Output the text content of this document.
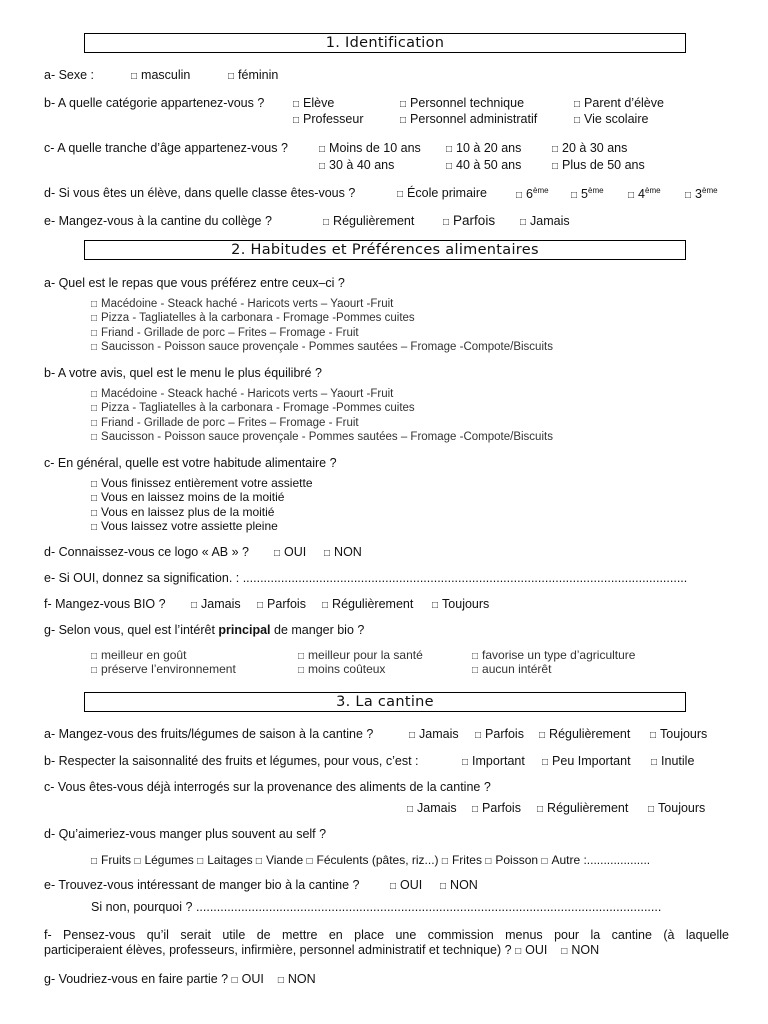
1. Identification
a- Sexe :	□ masculin	□ féminin
b- A quelle catégorie appartenez-vous ?	□ Elève	□ Personnel technique	□ Parent d’élève
□ Professeur	□ Personnel administratif	□ Vie scolaire
c- A quelle tranche d’âge appartenez-vous ?	□ Moins de 10 ans	□ 10 à 20 ans	□ 20 à 30 ans
□ 30 à 40 ans	□ 40 à 50 ans	□ Plus de 50 ans
d- Si vous êtes un élève, dans quelle classe êtes-vous ?	□ École primaire	□ 6ème □ 5ème □ 4ème □ 3ème
e- Mangez-vous à la cantine du collège ?	□ Régulièrement	□ Parfois □ Jamais
2. Habitudes et Préférences alimentaires
a- Quel est le repas que vous préférez entre ceux–ci ?
□ Macédoine - Steack haché - Haricots verts – Yaourt -Fruit
□ Pizza - Tagliatelles à la carbonara - Fromage -Pommes cuites
□ Friand - Grillade de porc – Frites – Fromage - Fruit
□ Saucisson - Poisson sauce provençale - Pommes sautées – Fromage -Compote/Biscuits
b- A votre avis, quel est le menu le plus équilibré ?
□ Macédoine - Steack haché - Haricots verts – Yaourt -Fruit
□ Pizza - Tagliatelles à la carbonara - Fromage -Pommes cuites
□ Friand - Grillade de porc – Frites – Fromage - Fruit
□ Saucisson - Poisson sauce provençale - Pommes sautées – Fromage -Compote/Biscuits
c- En général, quelle est votre habitude alimentaire ?
□ Vous finissez entièrement votre assiette
□ Vous en laissez moins de la moitié
□ Vous en laissez plus de la moitié
□ Vous laissez votre assiette pleine
d- Connaissez-vous ce logo « AB » ?	□ OUI □ NON
e- Si OUI, donnez sa signification. : ................................................................................................................................
f- Mangez-vous BIO ?	□ Jamais □ Parfois □ Régulièrement □ Toujours
g- Selon vous, quel est l’intérêt principal de manger bio ?
□ meilleur en goût	□ meilleur pour la santé	□ favorise un type d’agriculture
□ préserve l’environnement	□ moins coûteux	□ aucun intérêt
3. La cantine
a- Mangez-vous des fruits/légumes de saison à la cantine ?	□ Jamais □ Parfois □ Régulièrement □ Toujours
b- Respecter la saisonnalité des fruits et légumes, pour vous, c’est :	□ Important □ Peu Important □ Inutile
c- Vous êtes-vous déjà interrogés sur la provenance des aliments de la cantine ?
□ Jamais □ Parfois □ Régulièrement □ Toujours
d- Qu’aimeriez-vous manger plus souvent au self ?
□ Fruits □ Légumes □ Laitages □ Viande □ Féculents (pâtes, riz...) □ Frites □ Poisson □ Autre :...................
e- Trouvez-vous intéressant de manger bio à la cantine ?	□ OUI □ NON
Si non, pourquoi ? ......................................................................................................................................
f- Pensez-vous qu’il serait utile de mettre en place une commission menus pour la cantine (à laquelle
participeraient élèves, professeurs, infirmière, personnel administratif et technique) ? □ OUI □ NON
g- Voudriez-vous en faire partie ? □ OUI □ NON
